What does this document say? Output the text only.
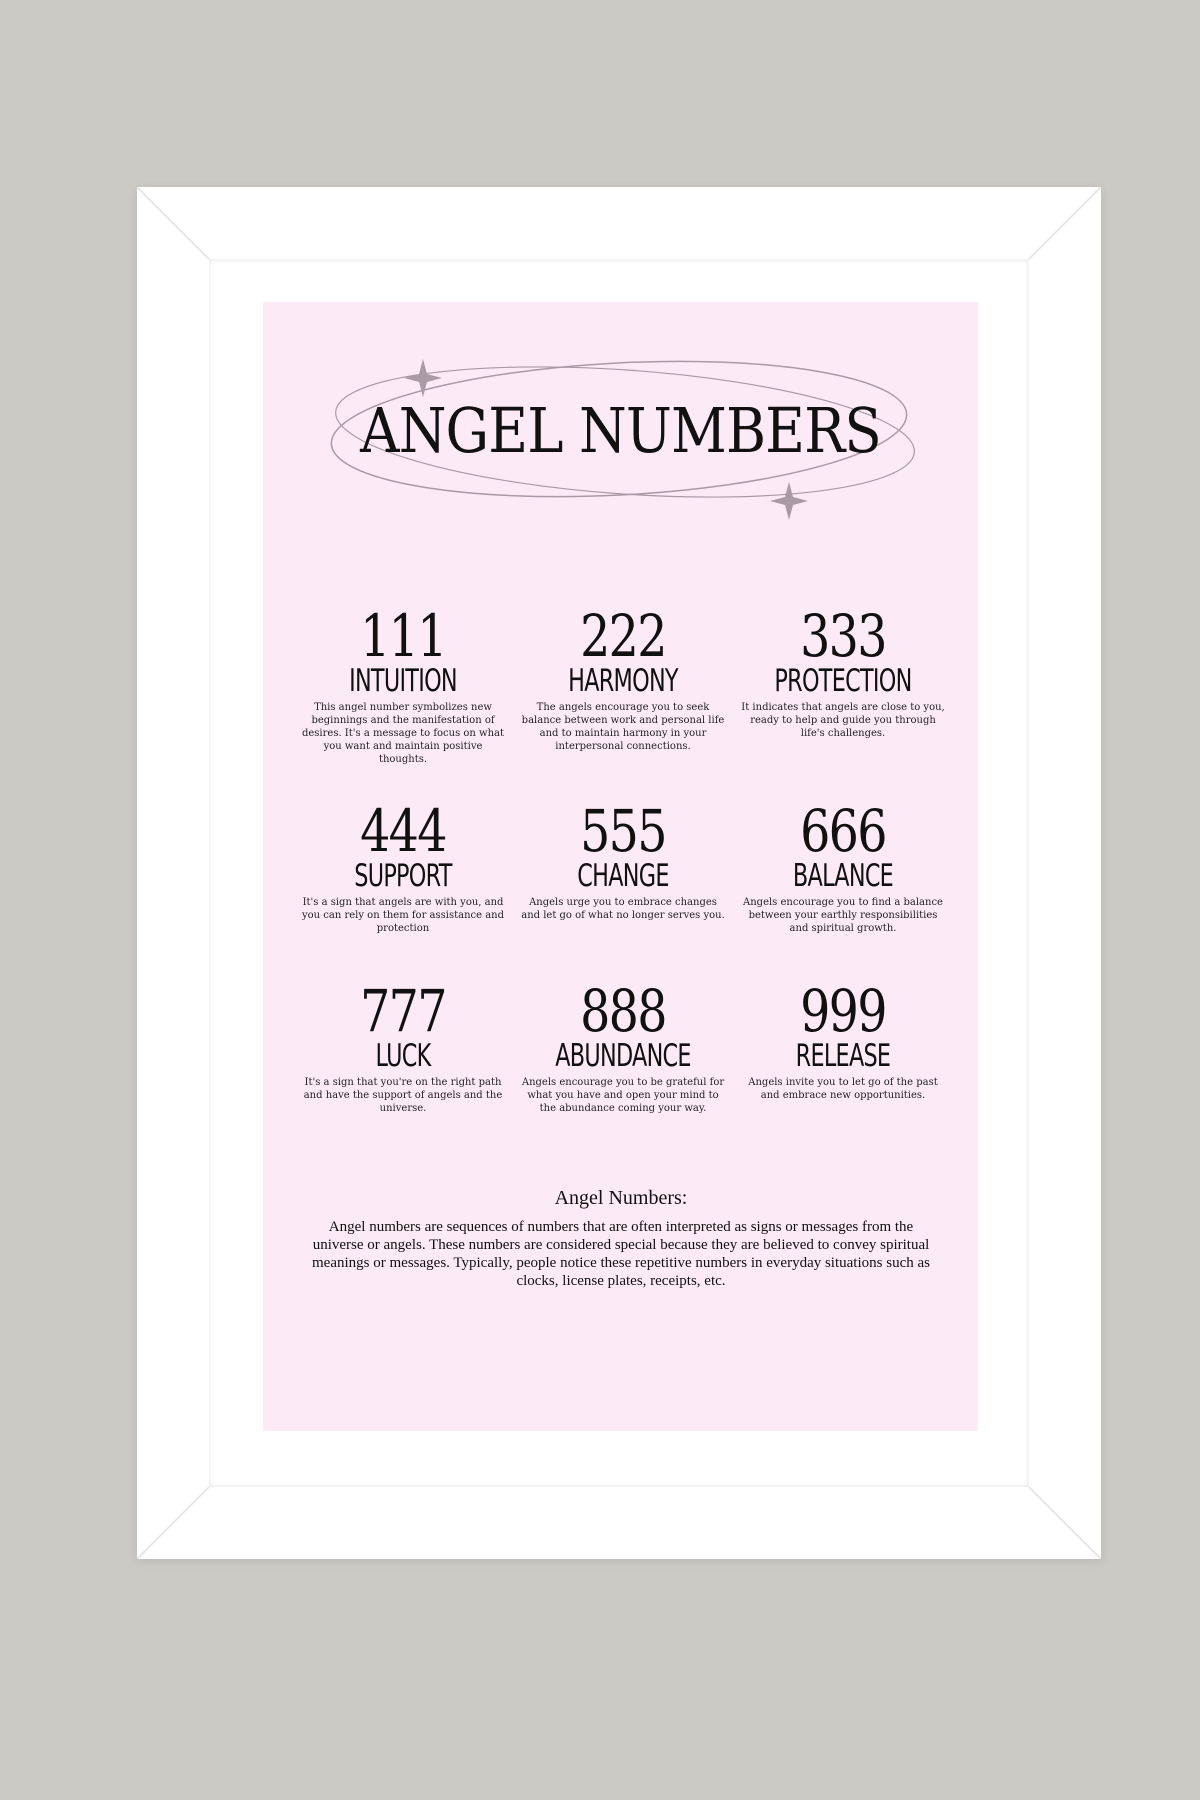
ANGEL NUMBERS
111
INTUITION
This angel number symbolizes new beginnings and the manifestation of desires. It's a message to focus on what you want and maintain positive thoughts.
222
HARMONY
The angels encourage you to seek balance between work and personal life and to maintain harmony in your interpersonal connections.
333
PROTECTION
It indicates that angels are close to you, ready to help and guide you through life's challenges.
444
SUPPORT
It's a sign that angels are with you, and you can rely on them for assistance and protection
555
CHANGE
Angels urge you to embrace changes and let go of what no longer serves you.
666
BALANCE
Angels encourage you to find a balance between your earthly responsibilities and spiritual growth.
777
LUCK
It's a sign that you're on the right path and have the support of angels and the universe.
888
ABUNDANCE
Angels encourage you to be grateful for what you have and open your mind to the abundance coming your way.
999
RELEASE
Angels invite you to let go of the past and embrace new opportunities.
Angel Numbers:

Angel numbers are sequences of numbers that are often interpreted as signs or messages from the universe or angels. These numbers are considered special because they are believed to convey spiritual meanings or messages. Typically, people notice these repetitive numbers in everyday situations such as clocks, license plates, receipts, etc.
